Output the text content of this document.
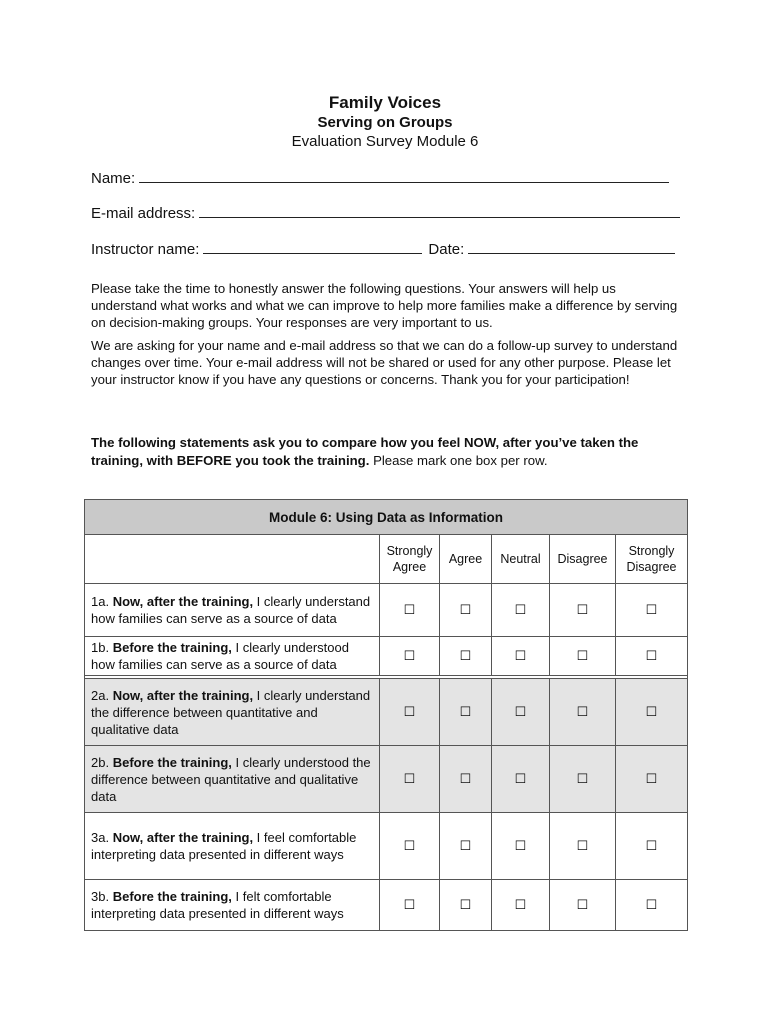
Family Voices
Serving on Groups
Evaluation Survey Module 6
Name:
E-mail address:
Instructor name:	Date:

Please take the time to honestly answer the following questions. Your answers will help us understand what works and what we can improve to help more families make a difference by serving on decision-making groups. Your responses are very important to us.

We are asking for your name and e-mail address so that we can do a follow-up survey to understand changes over time. Your e-mail address will not be shared or used for any other purpose. Please let your instructor know if you have any questions or concerns. Thank you for your participation!

The following statements ask you to compare how you feel NOW, after you’ve taken the training, with BEFORE you took the training. Please mark one box per row.

Module 6: Using Data as Information					
	Strongly Agree	Agree	Neutral	Disagree	Strongly Disagree
1a. Now, after the training, I clearly understand how families can serve as a source of data	☐	☐	☐	☐	☐
1b. Before the training, I clearly understood how families can serve as a source of data	☐	☐	☐	☐	☐

2a. Now, after the training, I clearly understand the difference between quantitative and qualitative data	☐	☐	☐	☐	☐
2b. Before the training, I clearly understood the difference between quantitative and qualitative data	☐	☐	☐	☐	☐
3a. Now, after the training, I feel comfortable interpreting data presented in different ways	☐	☐	☐	☐	☐
3b. Before the training, I felt comfortable interpreting data presented in different ways	☐	☐	☐	☐	☐
